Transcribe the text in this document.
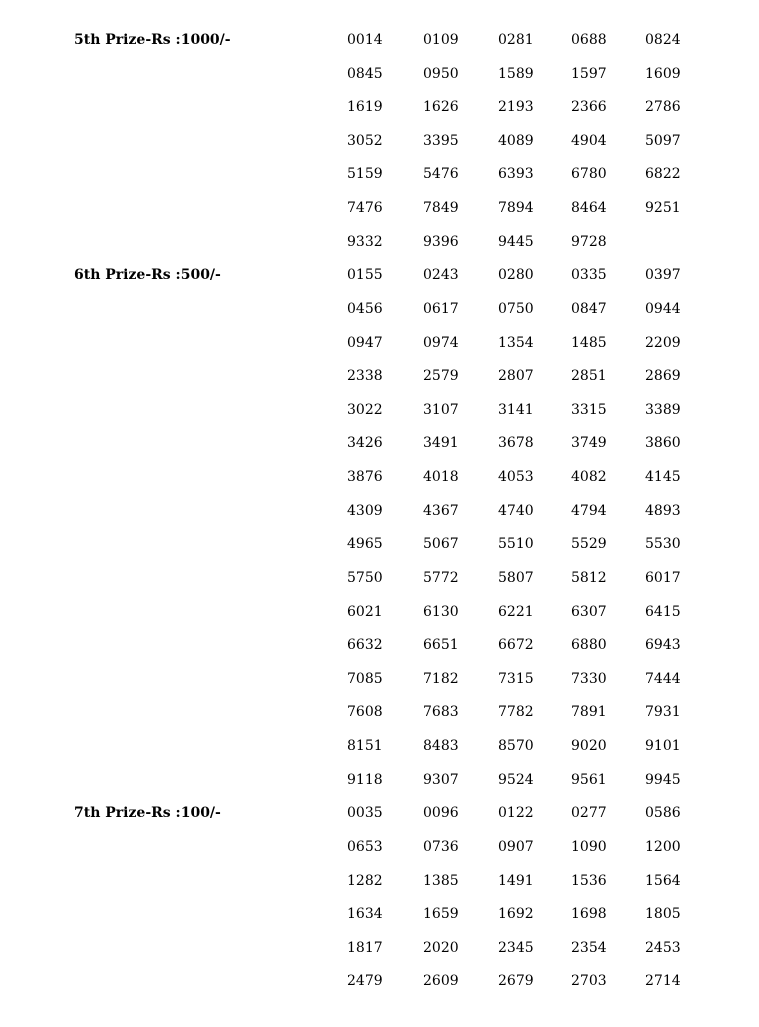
5th Prize-Rs :1000/-	0014	0109	0281	0688	0824
0845	0950	1589	1597	1609
1619	1626	2193	2366	2786
3052	3395	4089	4904	5097
5159	5476	6393	6780	6822
7476	7849	7894	8464	9251
9332	9396	9445	9728
6th Prize-Rs :500/-	0155	0243	0280	0335	0397
0456	0617	0750	0847	0944
0947	0974	1354	1485	2209
2338	2579	2807	2851	2869
3022	3107	3141	3315	3389
3426	3491	3678	3749	3860
3876	4018	4053	4082	4145
4309	4367	4740	4794	4893
4965	5067	5510	5529	5530
5750	5772	5807	5812	6017
6021	6130	6221	6307	6415
6632	6651	6672	6880	6943
7085	7182	7315	7330	7444
7608	7683	7782	7891	7931
8151	8483	8570	9020	9101
9118	9307	9524	9561	9945
7th Prize-Rs :100/-	0035	0096	0122	0277	0586
0653	0736	0907	1090	1200
1282	1385	1491	1536	1564
1634	1659	1692	1698	1805
1817	2020	2345	2354	2453
2479	2609	2679	2703	2714
